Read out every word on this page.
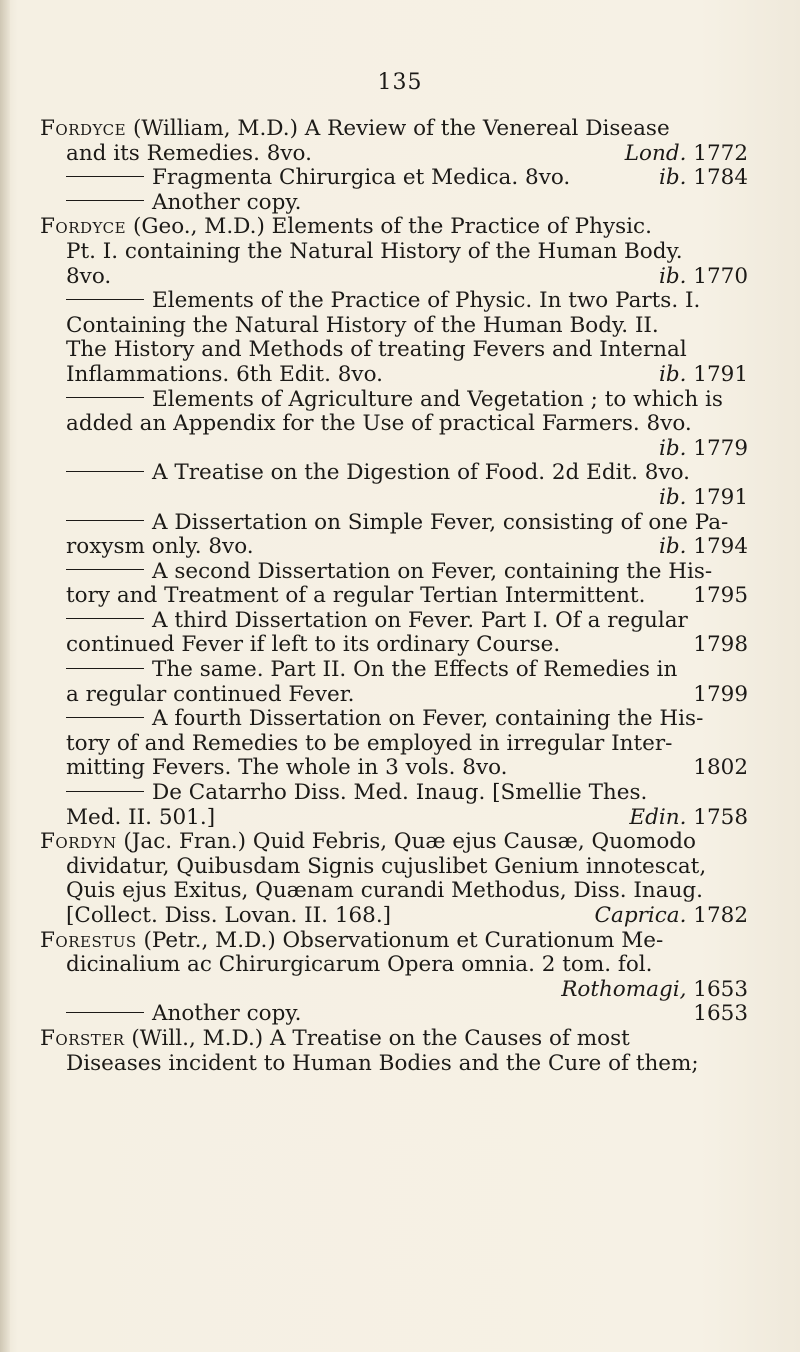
135
Fordyce (William, M.D.) A Review of the Venereal Disease
and its Remedies. 8vo.	Lond. 1772
Fragmenta Chirurgica et Medica. 8vo.	ib. 1784
Another copy.
Fordyce (Geo., M.D.) Elements of the Practice of Physic.
Pt. I. containing the Natural History of the Human Body.
8vo.	ib. 1770
Elements of the Practice of Physic. In two Parts. I.
Containing the Natural History of the Human Body. II.
The History and Methods of treating Fevers and Internal
Inflammations. 6th Edit. 8vo.	ib. 1791
Elements of Agriculture and Vegetation ; to which is
added an Appendix for the Use of practical Farmers. 8vo.
ib. 1779
A Treatise on the Digestion of Food. 2d Edit. 8vo.
ib. 1791
A Dissertation on Simple Fever, consisting of one Pa-
roxysm only. 8vo.	ib. 1794
A second Dissertation on Fever, containing the His-
tory and Treatment of a regular Tertian Intermittent. 1795
A third Dissertation on Fever. Part I. Of a regular
continued Fever if left to its ordinary Course.	1798
The same. Part II. On the Effects of Remedies in
a regular continued Fever.	1799
A fourth Dissertation on Fever, containing the His-
tory of and Remedies to be employed in irregular Inter-
mitting Fevers. The whole in 3 vols. 8vo.	1802
De Catarrho Diss. Med. Inaug. [Smellie Thes.
Med. II. 501.]	Edin. 1758
Fordyn (Jac. Fran.) Quid Febris, Quæ ejus Causæ, Quomodo
dividatur, Quibusdam Signis cujuslibet Genium innotescat,
Quis ejus Exitus, Quænam curandi Methodus, Diss. Inaug.
[Collect. Diss. Lovan. II. 168.]	Caprica. 1782
Forestus (Petr., M.D.) Observationum et Curationum Me-
dicinalium ac Chirurgicarum Opera omnia. 2 tom. fol.
Rothomagi, 1653
Another copy.	1653
Forster (Will., M.D.) A Treatise on the Causes of most
Diseases incident to Human Bodies and the Cure of them;
